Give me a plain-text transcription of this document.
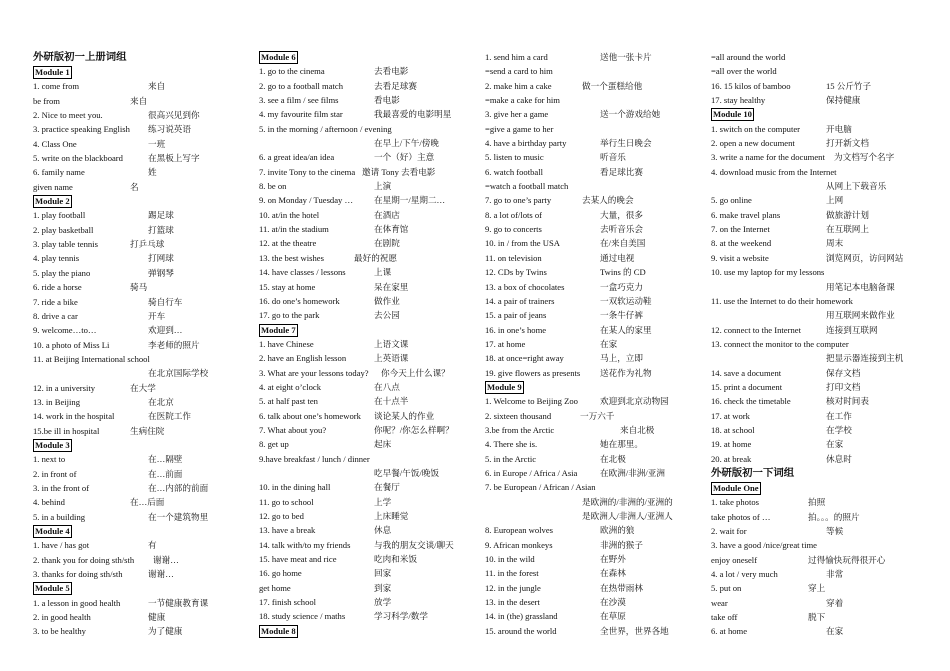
外研版初一上册词组
Module 1
1. come from	来自
be from	来自
2. Nice to meet you.	很高兴见到你
3. practice speaking English 练习说英语
4. Class One	一班
5. write on the blackboard	在黑板上写字
6. family name	姓
given name	名
Module 2
1. play football	踢足球
2. play basketball	打篮球
3. play table tennis	打乒乓球
4. play tennis	打网球
5. play the piano	弹钢琴
6. ride a horse	骑马
7. ride a bike	骑自行车
8. drive a car	开车
9. welcome…to…	欢迎到…
10. a photo of Miss Li	李老师的照片
11. at Beijing International school
在北京国际学校
12. in a university	在大学
13. in Beijing	在北京
14. work in the hospital	在医院工作
15.be ill in hospital	生病住院
Module 3
1. next to	在…隔壁
2. in front of	在…前面
3. in the front of	在…内部的前面
4. behind	在…后面
5. in a building	在一个建筑物里
Module 4
1. have / has got	有
2. thank you for doing sth/sth 谢谢…
3. thanks for doing sth/sth	谢谢…
Module 5
1. a lesson in good health	一节健康教育课
2. in good health	健康
3. to be healthy	为了健康
Module 6
1. go to the cinema	去看电影
2. go to a football match	去看足球赛
3. see a film / see films	看电影
4. my favourite film star	我最喜爱的电影明星
5. in the morning / afternoon / evening
在早上/下午/傍晚
6. a great idea/an idea	一个（好）主意
7. invite Tony to the cinema 邀请 Tony 去看电影
8. be on	上演
9. on Monday / Tuesday … 在星期一/星期二…
10. at/in the hotel	在酒店
11. at/in the stadium	在体育馆
12. at the theatre	在剧院
13. the best wishes	最好的祝愿
14. have classes / lessons	上课
15. stay at home	呆在家里
16. do one’s homework	做作业
17. go to the park	去公园
Module 7
1. have Chinese	上语文课
2. have an English lesson	上英语课
3. What are your lessons today? 你今天上什么课？
4. at eight o’clock	在八点
5. at half past ten	在十点半
6. talk about one’s homework 谈论某人的作业
7. What about you?	你呢？/你怎么样啊？
8. get up	起床
9.have breakfast / lunch / dinner
吃早餐/午饭/晚饭
10. in the dining hall	在餐厅
11. go to school	上学
12. go to bed	上床睡觉
13. have a break	休息
14. talk with/to my friends	与我的朋友交谈/聊天
15. have meat and rice	吃肉和米饭
16. go home	回家
get home	到家
17. finish school	放学
18. study science / maths	学习科学/数学
Module 8
1. send him a card	送他一张卡片
=send a card to him
2. make him a cake	做一个蛋糕给他
=make a cake for him
3. give her a game	送一个游戏给她
=give a game to her
4. have a birthday party	举行生日晚会
5. listen to music	听音乐
6. watch football	看足球比赛
=watch a football match
7. go to one’s party	去某人的晚会
8. a lot of/lots of	大量，很多
9. go to concerts	去听音乐会
10. in / from the USA	在/来自美国
11. on television	通过电视
12. CDs by Twins	Twins 的 CD
13. a box of chocolates	一盒巧克力
14. a pair of trainers	一双软运动鞋
15. a pair of jeans	一条牛仔裤
16. in one’s home	在某人的家里
17. at home	在家
18. at once=right away	马上，立即
19. give flowers as presents 送花作为礼物
Module 9
1. Welcome to Beijing Zoo	欢迎到北京动物园
2. sixteen thousand	一万六千
3.be from the Arctic	来自北极
4. There she is.	她在那里。
5. in the Arctic	在北极
6. in Europe / Africa / Asia	在欧洲/非洲/亚洲
7. be European / African / Asian
是欧洲的/非洲的/亚洲的
是欧洲人/非洲人/亚洲人
8. European wolves	欧洲的狼
9. African monkeys	非洲的猴子
10. in the wild	在野外
11. in the forest	在森林
12. in the jungle	在热带雨林
13. in the desert	在沙漠
14. in (the) grassland	在草原
15. around the world	全世界，世界各地
=all around the world
=all over the world
16. 15 kilos of bamboo	15 公斤竹子
17. stay healthy	保持健康
Module 10
1. switch on the computer	开电脑
2. open a new document	打开新文档
3. write a name for the document 为文档写个名字
4. download music from the Internet
从网上下载音乐
5. go online	上网
6. make travel plans	做旅游计划
7. on the Internet	在互联网上
8. at the weekend	周末
9. visit a website	浏览网页，访问网站
10. use my laptop for my lessons
用笔记本电脑备课
11. use the Internet to do their homework
用互联网来做作业
12. connect to the Internet	连接到互联网
13. connect the monitor to the computer
把显示器连接到主机
14. save a document	保存文档
15. print a document	打印文档
16. check the timetable	核对时间表
17. at work	在工作
18. at school	在学校
19. at home	在家
20. at break	休息时
外研版初一下词组
Module One
1. take photos	拍照
take photos of …	拍。。。的照片
2. wait for	等候
3. have a good /nice/great time
enjoy oneself	过得愉快玩得很开心
4. a lot / very much	非常
5. put on	穿上
wear	穿着
take off	脱下
6. at home	在家
